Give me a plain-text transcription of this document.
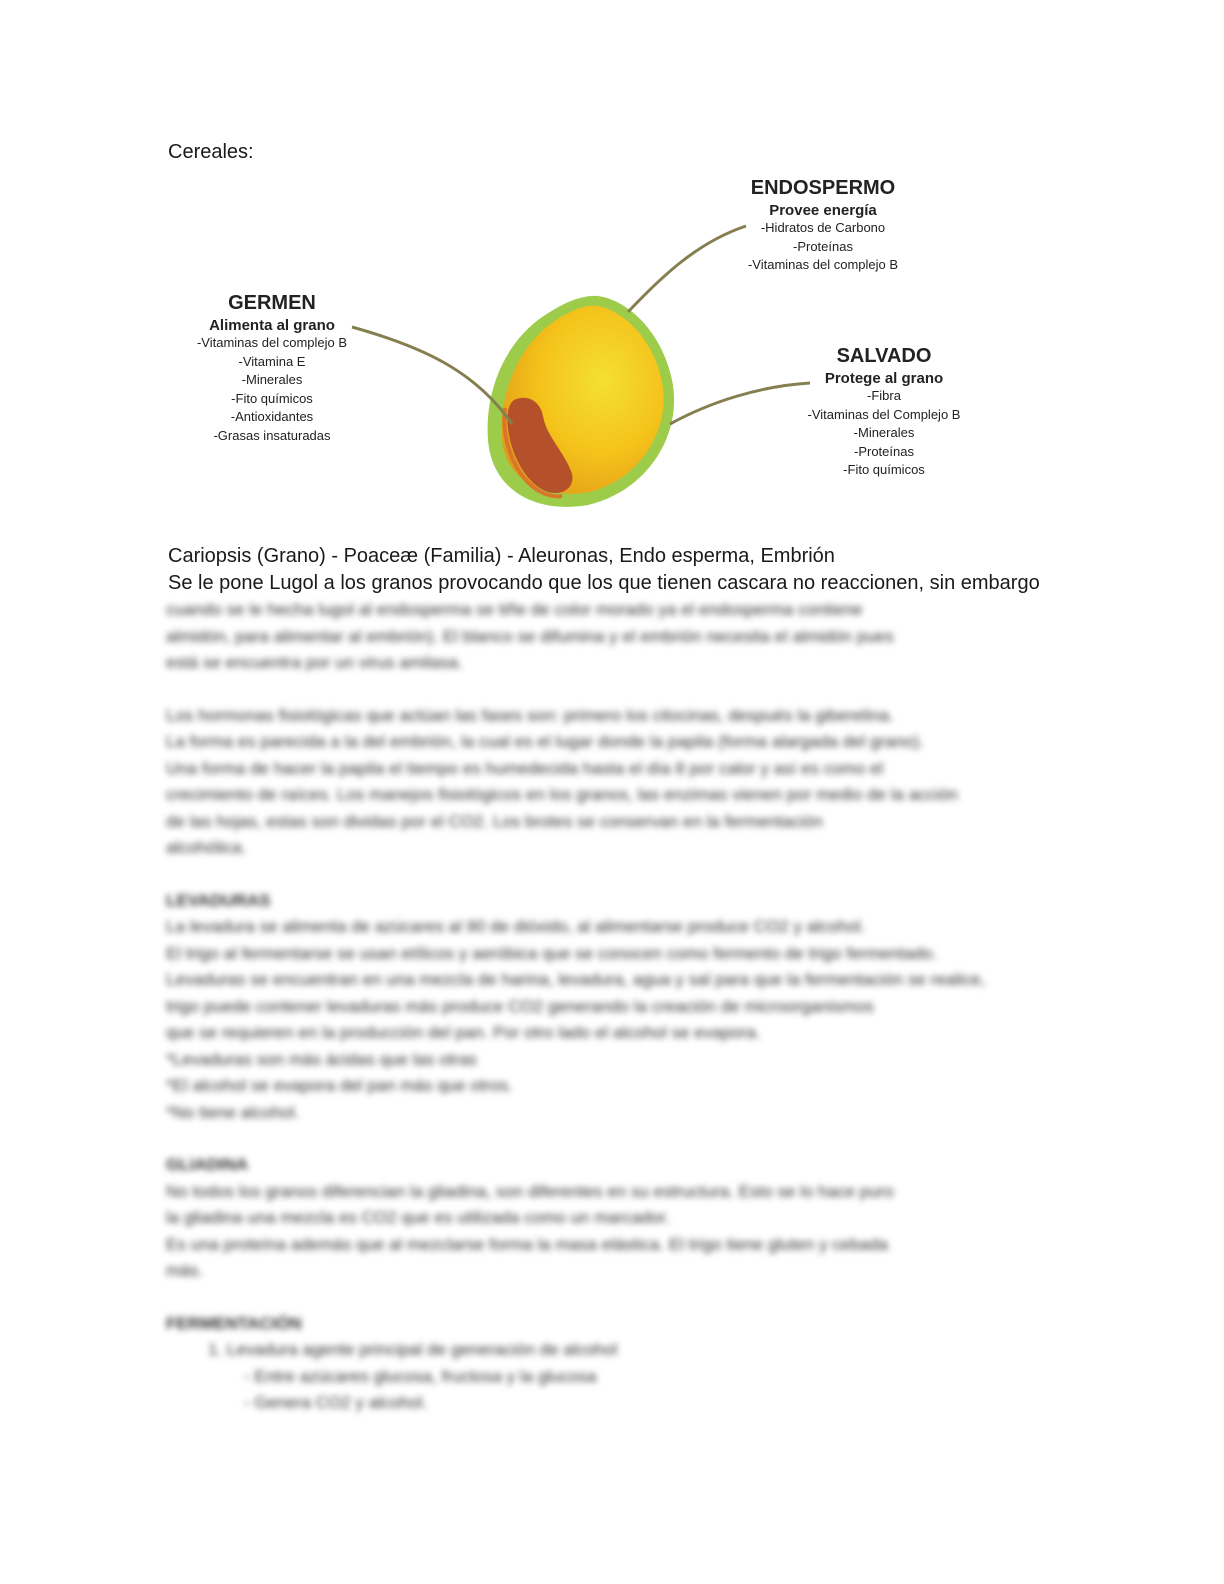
Cereales:
GERMEN
Alimenta al grano
-Vitaminas del complejo B
-Vitamina E
-Minerales
-Fito químicos
-Antioxidantes
-Grasas insaturadas
ENDOSPERMO
Provee energía
-Hidratos de Carbono
-Proteínas
-Vitaminas del complejo B
SALVADO
Protege al grano
-Fibra
-Vitaminas del Complejo B
-Minerales
-Proteínas
-Fito químicos
Cariopsis (Grano) - Poaceæ (Familia) - Aleuronas, Endo esperma, Embrión
Se le pone Lugol a los granos provocando que los que tienen cascara no reaccionen, sin embargo

cuando se le hecha lugol al endosperma se tiñe de color morado ya el endosperma contiene

almidón, para alimentar al embrión). El blanco se difumina y el embrión necesita el almidón pues

está se encuentra por un virus amilasa.

Los hormonas fisiológicas que actúan las fases son: primero los citocinas, después la giberelina.

La forma es parecida a la del embrión, la cual es el lugar donde la papila (forma alargada del grano).

Una forma de hacer la papila el tiempo es humedecida hasta el día 8 por calor y así es como el

crecimiento de raíces. Los manejos fisiológicos en los granos, las enzimas vienen por medio de la acción

de las hojas, estas son dividas por el CO2. Los brotes se conservan en la fermentación

alcohólica.

LEVADURAS

La levadura se alimenta de azúcares al 90 de dióxido, al alimentarse produce CO2 y alcohol.

El trigo al fermentarse se usan etílicos y aeróbica que se conocen como fermento de trigo fermentado.

Levaduras se encuentran en una mezcla de harina, levadura, agua y sal para que la fermentación se realice,

trigo puede contener levaduras más produce CO2 generando la creación de microorganismos

que se requieren en la producción del pan. Por otro lado el alcohol se evapora.

*Levaduras son más ácidas que las otras

*El alcohol se evapora del pan más que otros.

*No tiene alcohol.

GLIADINA

No todos los granos diferencian la gliadina, son diferentes en su estructura. Esto se lo hace puro

la gliadina una mezcla es CO2 que es utilizada como un marcador.

Es una proteína además que al mezclarse forma la masa elástica. El trigo tiene gluten y cebada

más.

FERMENTACIÓN

1. Levadura agente principal de generación de alcohol

- Entre azúcares glucosa, fructosa y la glucosa

- Genera CO2 y alcohol.
